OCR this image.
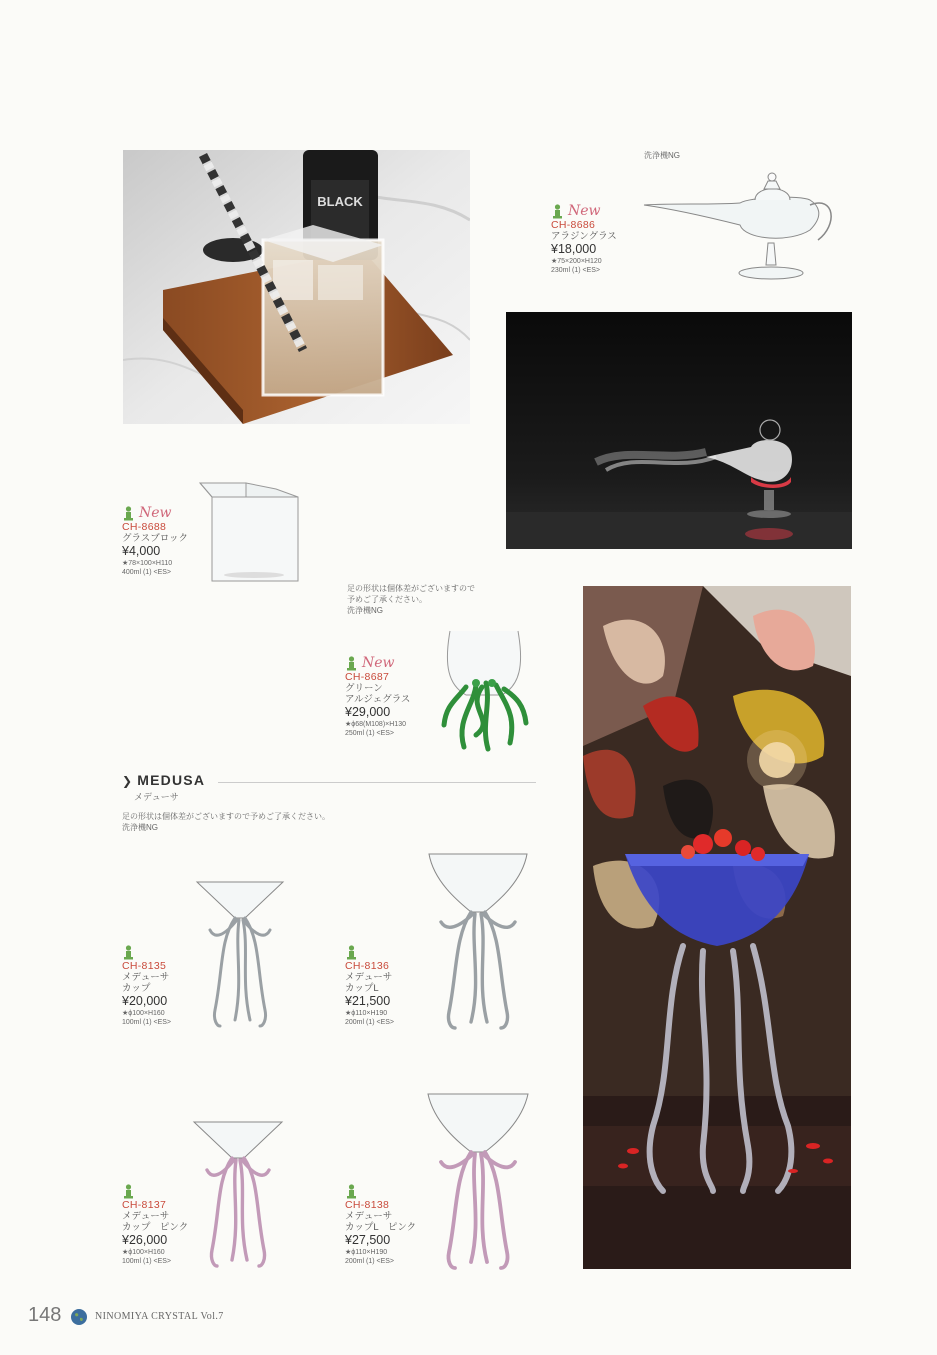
BLACK
洗浄機NG
New
CH-8686
アラジングラス
¥18,000
★75×200×H120
230ml (1) <ES>
New
CH-8688
グラスブロック
¥4,000
★78×100×H110
400ml (1) <ES>
足の形状は個体差がございますので
予めご了承ください。
洗浄機NG
New
CH-8687
グリーン
アルジェグラス
¥29,000
★ϕ68(M108)×H130
250ml (1) <ES>
❯ MEDUSA
メデューサ
足の形状は個体差がございますので予めご了承ください。
洗浄機NG
CH-8135
メデューサ
カップ
¥20,000
★ϕ100×H160
100ml (1) <ES>
CH-8136
メデューサ
カップL
¥21,500
★ϕ110×H190
200ml (1) <ES>
CH-8137
メデューサ
カップ　ピンク
¥26,000
★ϕ100×H160
100ml (1) <ES>
CH-8138
メデューサ
カップL　ピンク
¥27,500
★ϕ110×H190
200ml (1) <ES>
148	NINOMIYA CRYSTAL Vol.7
